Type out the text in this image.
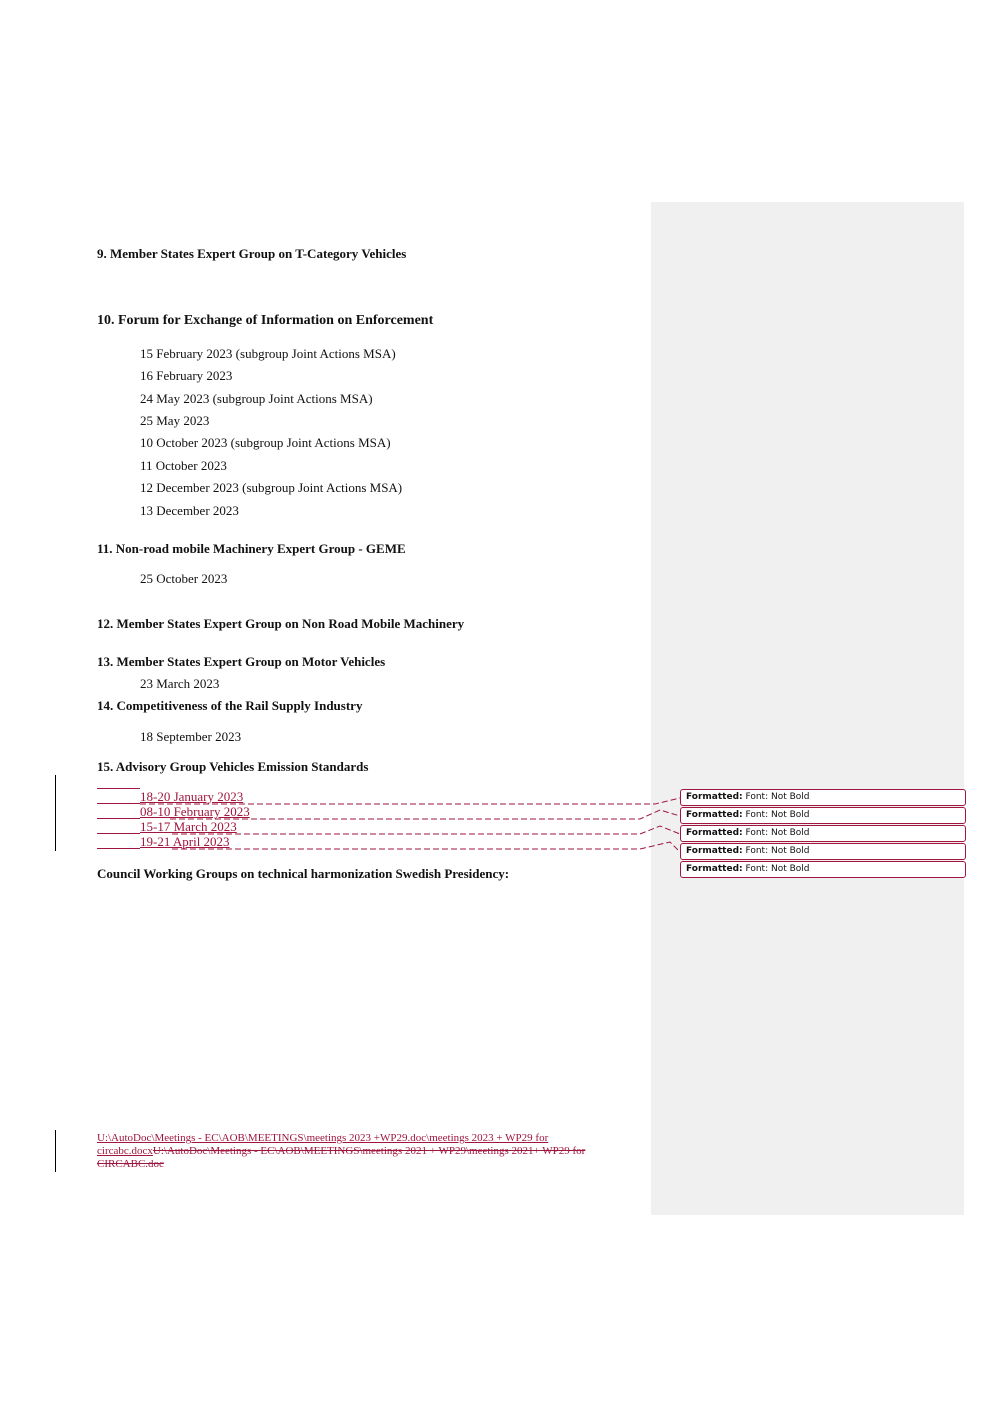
9. Member States Expert Group on T-Category Vehicles
10. Forum for Exchange of Information on Enforcement
15 February 2023 (subgroup Joint Actions MSA)
16 February 2023
24 May 2023 (subgroup Joint Actions MSA)
25 May 2023
10 October 2023 (subgroup Joint Actions MSA)
11 October 2023
12 December 2023 (subgroup Joint Actions MSA)
13 December 2023
11. Non-road mobile Machinery Expert Group - GEME
25 October 2023
12. Member States Expert Group on Non Road Mobile Machinery
13. Member States Expert Group on Motor Vehicles
23 March 2023
14. Competitiveness of the Rail Supply Industry
18 September 2023
15. Advisory Group Vehicles Emission Standards
18-20 January 2023
08-10 February 2023
15-17 March 2023
19-21 April 2023
Council Working Groups on technical harmonization Swedish Presidency:
Formatted: Font: Not Bold
Formatted: Font: Not Bold
Formatted: Font: Not Bold
Formatted: Font: Not Bold
Formatted: Font: Not Bold
U:\AutoDoc\Meetings - EC\AOB\MEETINGS\meetings 2023 +WP29.doc\meetings 2023 + WP29 for circabc.docxU:\AutoDoc\Meetings - EC\AOB\MEETINGS\meetings 2021 + WP29\meetings 2021+ WP29 for CIRCABC.doc
